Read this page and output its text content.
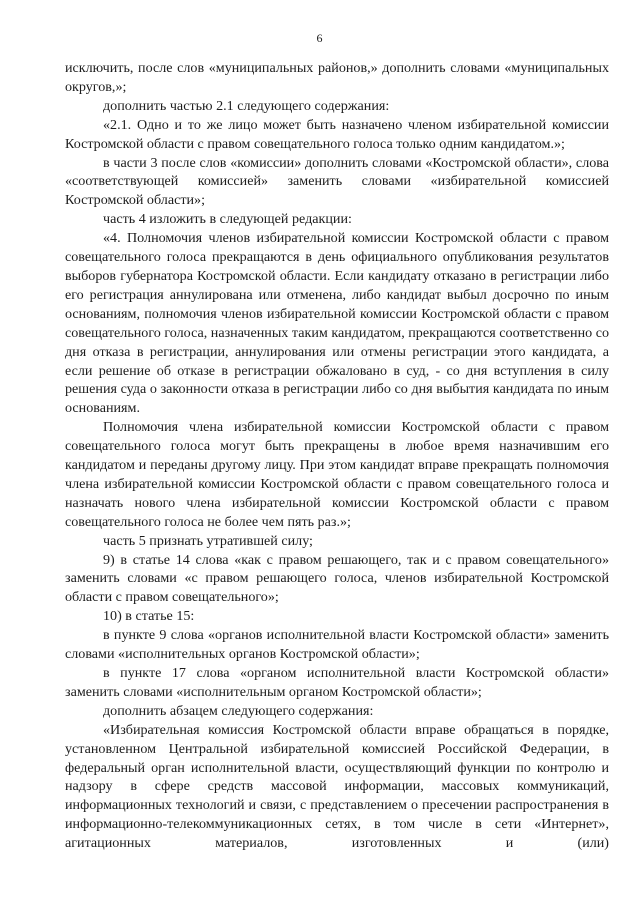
6

исключить, после слов «муниципальных районов,» дополнить словами «муниципальных округов,»;

дополнить частью 2.1 следующего содержания:

«2.1. Одно и то же лицо может быть назначено членом избирательной комиссии Костромской области с правом совещательного голоса только одним кандидатом.»;

в части 3 после слов «комиссии» дополнить словами «Костромской области», слова «соответствующей комиссией» заменить словами «избирательной комиссией Костромской области»;

часть 4 изложить в следующей редакции:

«4. Полномочия членов избирательной комиссии Костромской области с правом совещательного голоса прекращаются в день официального опубликования результатов выборов губернатора Костромской области. Если кандидату отказано в регистрации либо его регистрация аннулирована или отменена, либо кандидат выбыл досрочно по иным основаниям, полномочия членов избирательной комиссии Костромской области с правом совещательного голоса, назначенных таким кандидатом, прекращаются соответственно со дня отказа в регистрации, аннулирования или отмены регистрации этого кандидата, а если решение об отказе в регистрации обжаловано в суд, - со дня вступления в силу решения суда о законности отказа в регистрации либо со дня выбытия кандидата по иным основаниям.

Полномочия члена избирательной комиссии Костромской области с правом совещательного голоса могут быть прекращены в любое время назначившим его кандидатом и переданы другому лицу. При этом кандидат вправе прекращать полномочия члена избирательной комиссии Костромской области с правом совещательного голоса и назначать нового члена избирательной комиссии Костромской области с правом совещательного голоса не более чем пять раз.»;

часть 5 признать утратившей силу;

9) в статье 14 слова «как с правом решающего, так и с правом совещательного» заменить словами «с правом решающего голоса, членов избирательной Костромской области с правом совещательного»;

10) в статье 15:

в пункте 9 слова «органов исполнительной власти Костромской области» заменить словами «исполнительных органов Костромской области»;

в пункте 17 слова «органом исполнительной власти Костромской области» заменить словами «исполнительным органом Костромской области»;

дополнить абзацем следующего содержания:

«Избирательная комиссия Костромской области вправе обращаться в порядке, установленном Центральной избирательной комиссией Российской Федерации, в федеральный орган исполнительной власти, осуществляющий функции по контролю и надзору в сфере средств массовой информации, массовых коммуникаций, информационных технологий и связи, с представлением о пресечении распространения в информационно-телекоммуникационных сетях, в том числе в сети «Интернет», агитационных материалов, изготовленных и (или)
